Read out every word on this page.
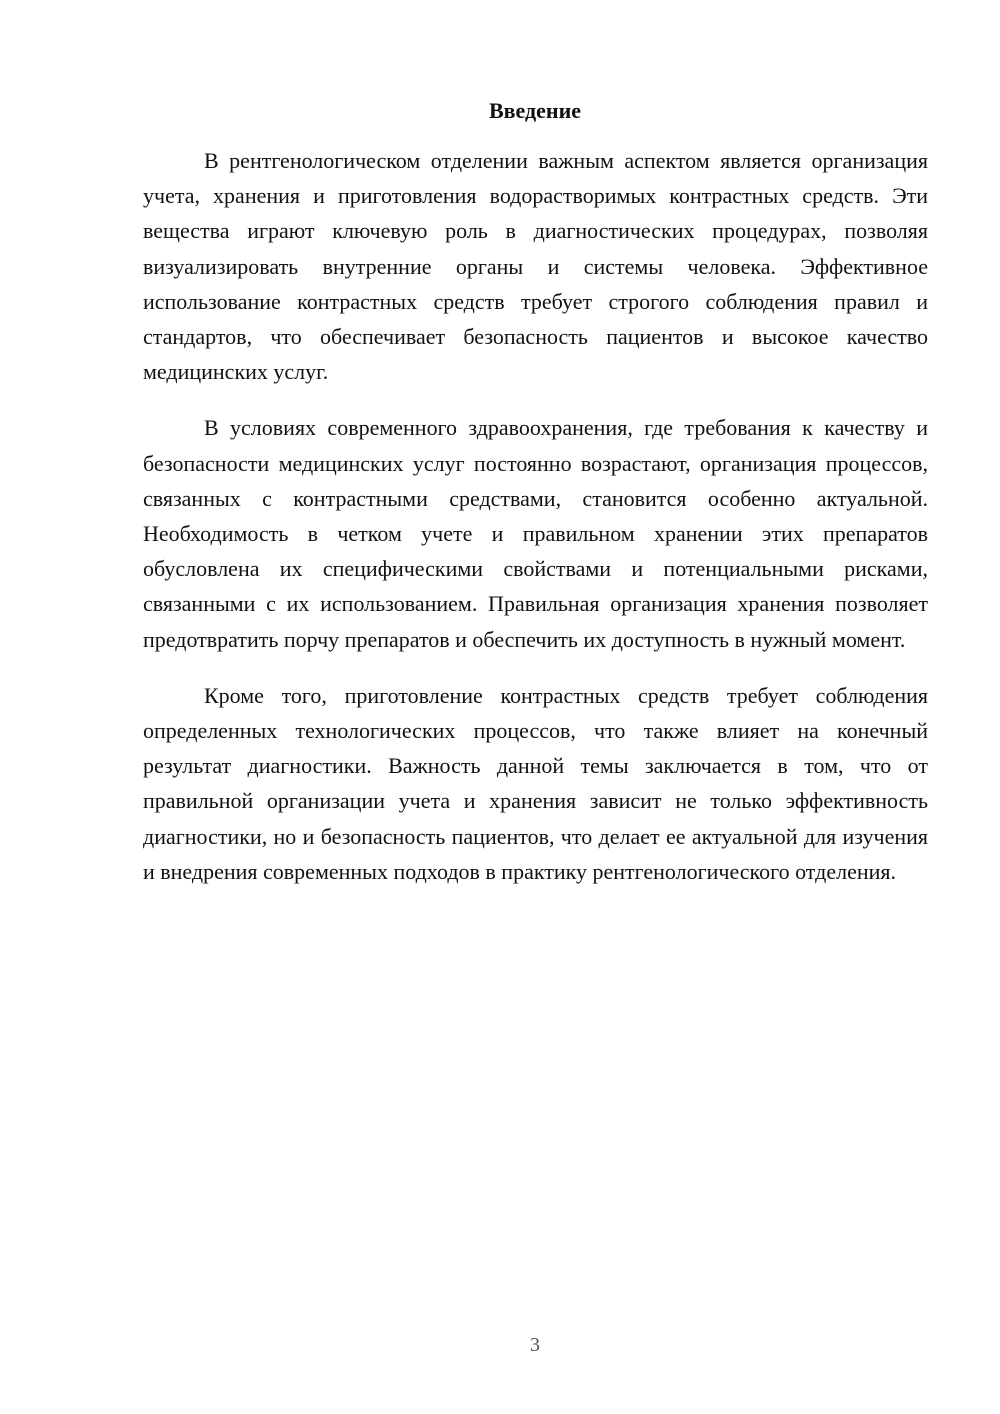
Введение

В рентгенологическом отделении важным аспектом является организация учета, хранения и приготовления водорастворимых контрастных средств. Эти вещества играют ключевую роль в диагностических процедурах, позволяя визуализировать внутренние органы и системы человека. Эффективное использование контрастных средств требует строгого соблюдения правил и стандартов, что обеспечивает безопасность пациентов и высокое качество медицинских услуг.

В условиях современного здравоохранения, где требования к качеству и безопасности медицинских услуг постоянно возрастают, организация процессов, связанных с контрастными средствами, становится особенно актуальной. Необходимость в четком учете и правильном хранении этих препаратов обусловлена их специфическими свойствами и потенциальными рисками, связанными с их использованием. Правильная организация хранения позволяет предотвратить порчу препаратов и обеспечить их доступность в нужный момент.

Кроме того, приготовление контрастных средств требует соблюдения определенных технологических процессов, что также влияет на конечный результат диагностики. Важность данной темы заключается в том, что от правильной организации учета и хранения зависит не только эффективность диагностики, но и безопасность пациентов, что делает ее актуальной для изучения и внедрения современных подходов в практику рентгенологического отделения.

3
